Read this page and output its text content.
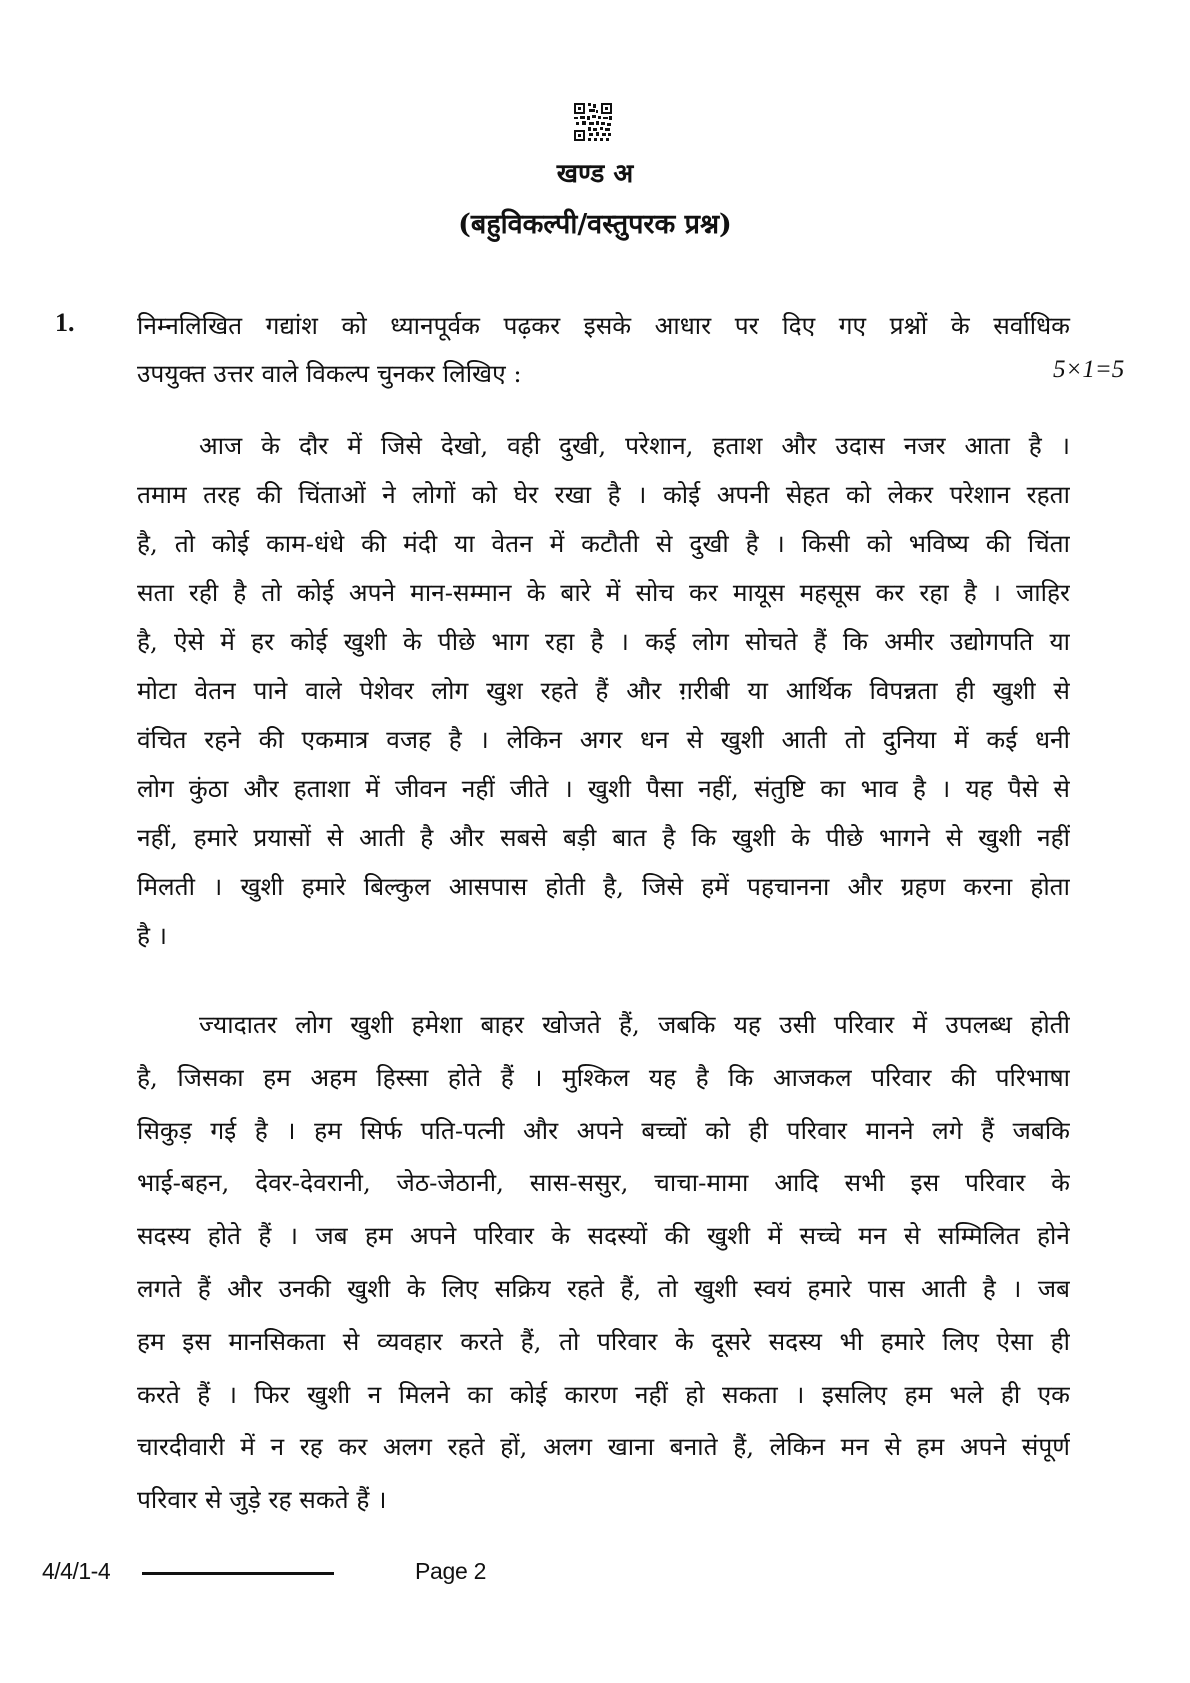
खण्ड अ
(बहुविकल्पी/वस्तुपरक प्रश्न)
1.	निम्नलिखित गद्यांश को ध्यानपूर्वक पढ़कर इसके आधार पर दिए गए प्रश्नों के सर्वाधिक
उपयुक्त उत्तर वाले विकल्प चुनकर लिखिए :	5×1=5
आज के दौर में जिसे देखो, वही दुखी, परेशान, हताश और उदास नजर आता है ।
तमाम तरह की चिंताओं ने लोगों को घेर रखा है । कोई अपनी सेहत को लेकर परेशान रहता
है, तो कोई काम-धंधे की मंदी या वेतन में कटौती से दुखी है । किसी को भविष्य की चिंता
सता रही है तो कोई अपने मान-सम्मान के बारे में सोच कर मायूस महसूस कर रहा है । जाहिर
है, ऐसे में हर कोई खुशी के पीछे भाग रहा है । कई लोग सोचते हैं कि अमीर उद्योगपति या
मोटा वेतन पाने वाले पेशेवर लोग खुश रहते हैं और ग़रीबी या आर्थिक विपन्नता ही खुशी से
वंचित रहने की एकमात्र वजह है । लेकिन अगर धन से खुशी आती तो दुनिया में कई धनी
लोग कुंठा और हताशा में जीवन नहीं जीते । खुशी पैसा नहीं, संतुष्टि का भाव है । यह पैसे से
नहीं, हमारे प्रयासों से आती है और सबसे बड़ी बात है कि खुशी के पीछे भागने से खुशी नहीं
मिलती । खुशी हमारे बिल्कुल आसपास होती है, जिसे हमें पहचानना और ग्रहण करना होता
है ।
ज्यादातर लोग खुशी हमेशा बाहर खोजते हैं, जबकि यह उसी परिवार में उपलब्ध होती
है, जिसका हम अहम हिस्सा होते हैं । मुश्किल यह है कि आजकल परिवार की परिभाषा
सिकुड़ गई है । हम सिर्फ पति-पत्नी और अपने बच्चों को ही परिवार मानने लगे हैं जबकि
भाई-बहन, देवर-देवरानी, जेठ-जेठानी, सास-ससुर, चाचा-मामा आदि सभी इस परिवार के
सदस्य होते हैं । जब हम अपने परिवार के सदस्यों की खुशी में सच्चे मन से सम्मिलित होने
लगते हैं और उनकी खुशी के लिए सक्रिय रहते हैं, तो खुशी स्वयं हमारे पास आती है । जब
हम इस मानसिकता से व्यवहार करते हैं, तो परिवार के दूसरे सदस्य भी हमारे लिए ऐसा ही
करते हैं । फिर खुशी न मिलने का कोई कारण नहीं हो सकता । इसलिए हम भले ही एक
चारदीवारी में न रह कर अलग रहते हों, अलग खाना बनाते हैं, लेकिन मन से हम अपने संपूर्ण
परिवार से जुड़े रह सकते हैं ।
4/4/1-4	Page 2
